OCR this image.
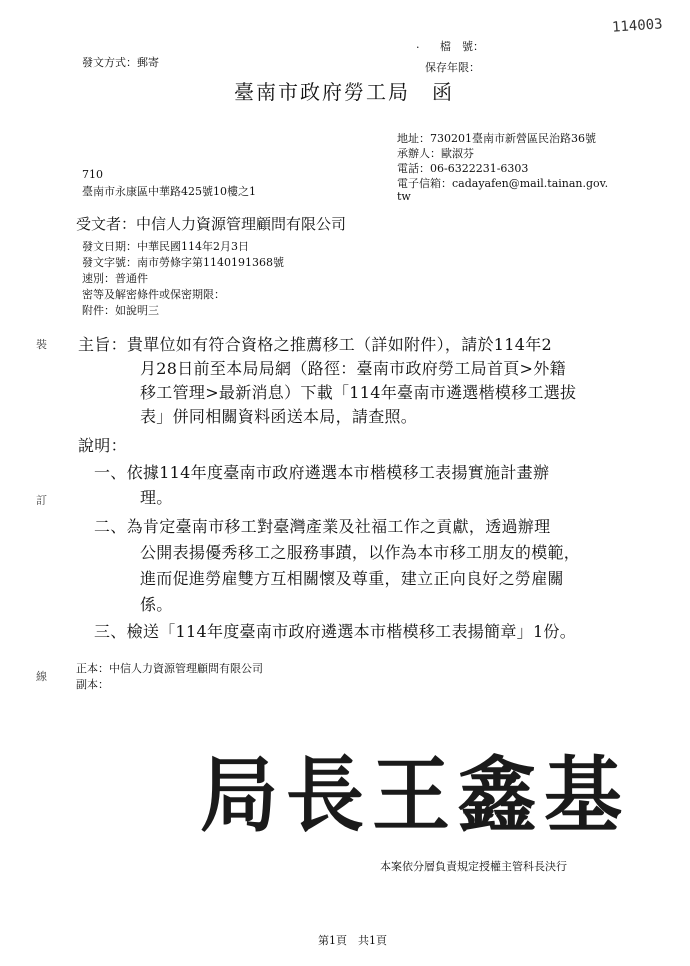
114003
發文方式：郵寄
. 檔　號：
保存年限：
臺南市政府勞工局　函
地址：730201臺南市新營區民治路36號
承辦人：歐淑芬
電話：06-6322231-6303
電子信箱：cadayafen@mail.tainan.gov.
tw
710
臺南市永康區中華路425號10樓之1
受文者：中信人力資源管理顧問有限公司
發文日期：中華民國114年2月3日
發文字號：南市勞條字第1140191368號
速別：普通件
密等及解密條件或保密期限：
附件：如說明三
裝
訂
線
主旨：貴單位如有符合資格之推薦移工（詳如附件），請於114年2
月28日前至本局局網（路徑：臺南市政府勞工局首頁>外籍
移工管理>最新消息）下載「114年臺南市遴選楷模移工選拔
表」併同相關資料函送本局，請查照。
說明：
一、依據114年度臺南市政府遴選本市楷模移工表揚實施計畫辦
理。
二、為肯定臺南市移工對臺灣產業及社福工作之貢獻，透過辦理
公開表揚優秀移工之服務事蹟，以作為本市移工朋友的模範，
進而促進勞雇雙方互相關懷及尊重，建立正向良好之勞雇關
係。
三、檢送「114年度臺南市政府遴選本市楷模移工表揚簡章」1份。
正本：中信人力資源管理顧問有限公司
副本：
局長王鑫基
本案依分層負責規定授權主管科長決行
第1頁　共1頁
